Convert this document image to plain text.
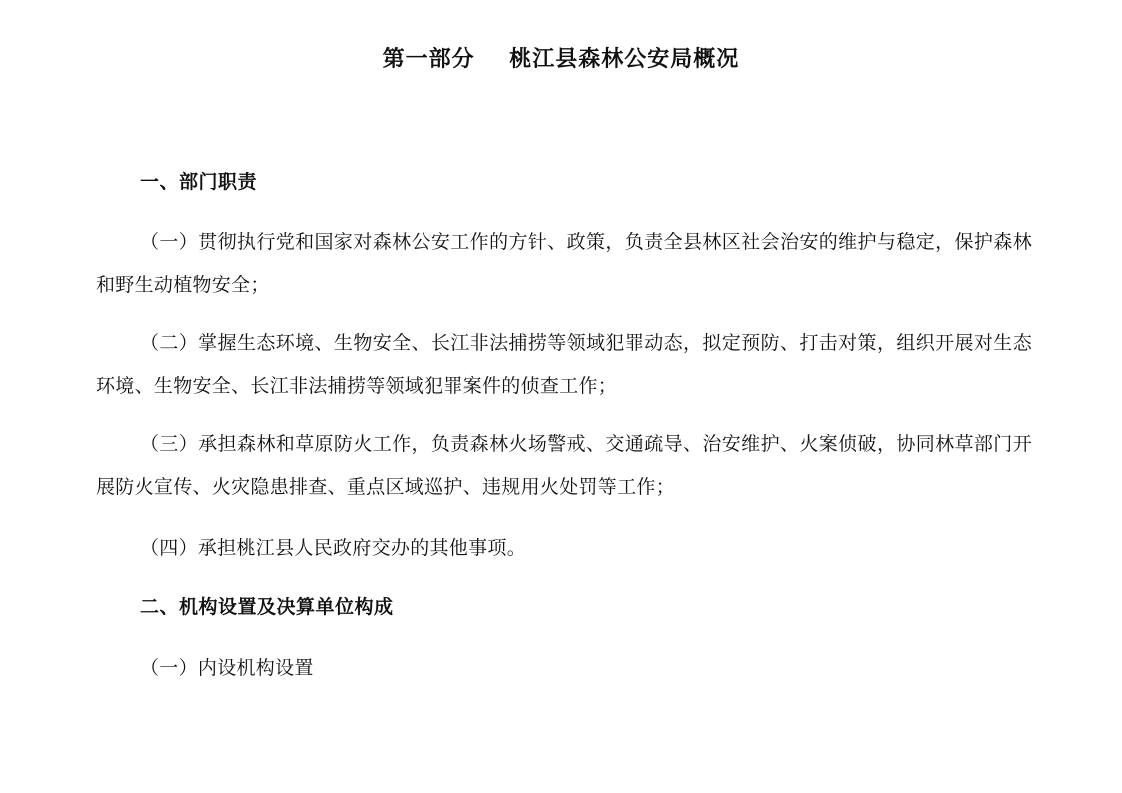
第一部分    桃江县森林公安局概况
一、部门职责
（一）贯彻执行党和国家对森林公安工作的方针、政策，负责全县林区社会治安的维护与稳定，保护森林和野生动植物安全；
（二）掌握生态环境、生物安全、长江非法捕捞等领域犯罪动态，拟定预防、打击对策，组织开展对生态环境、生物安全、长江非法捕捞等领域犯罪案件的侦查工作；
（三）承担森林和草原防火工作，负责森林火场警戒、交通疏导、治安维护、火案侦破，协同林草部门开展防火宣传、火灾隐患排查、重点区域巡护、违规用火处罚等工作；
（四）承担桃江县人民政府交办的其他事项。
二、机构设置及决算单位构成
（一）内设机构设置
